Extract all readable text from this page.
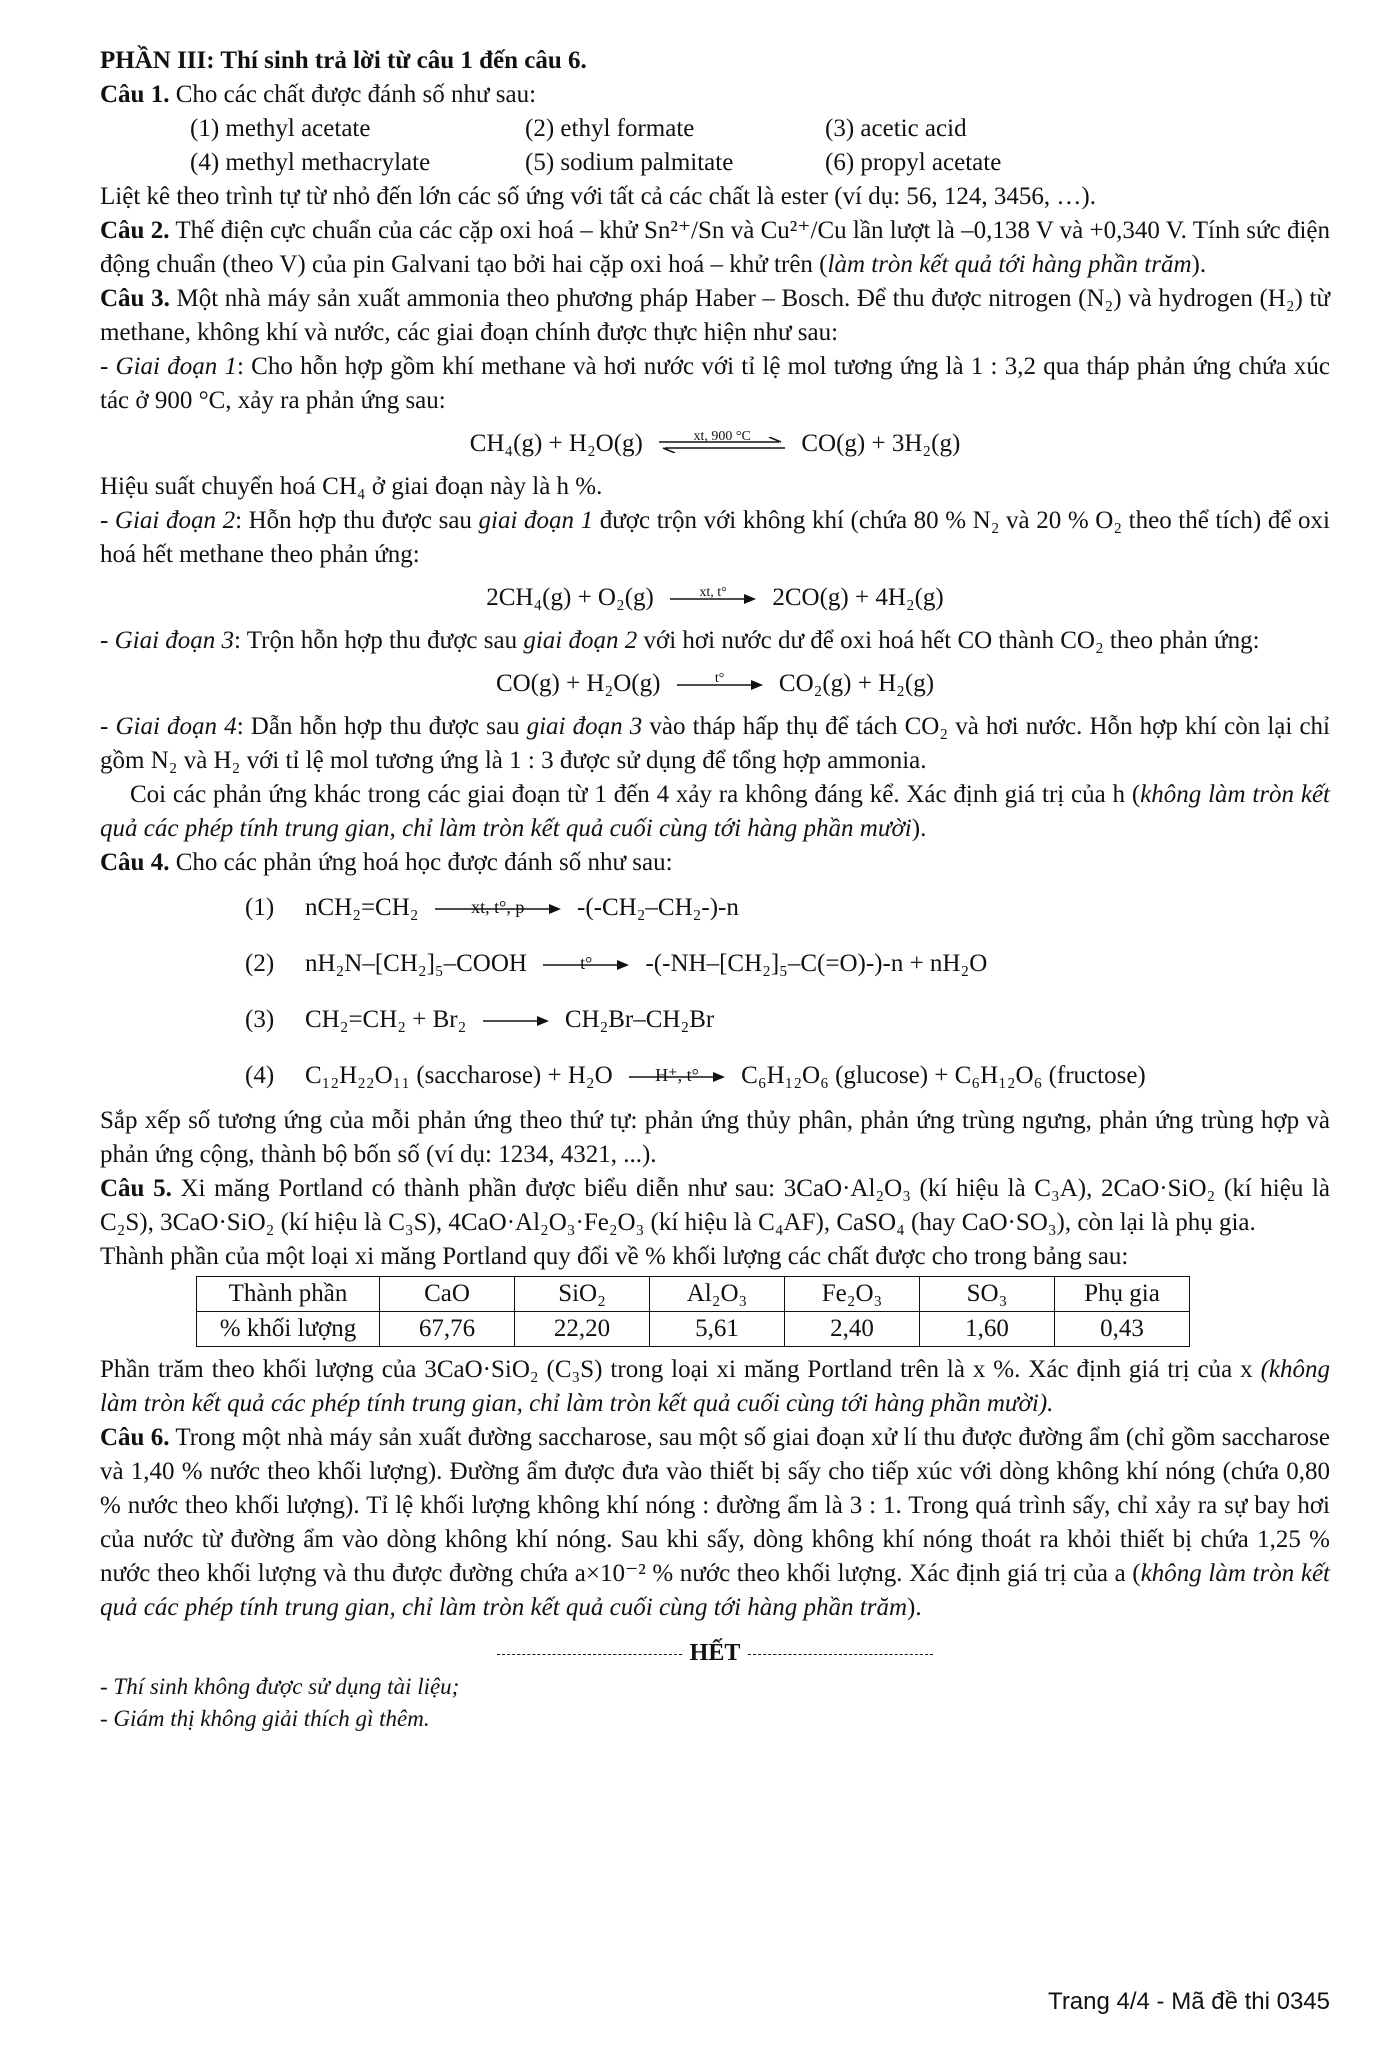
PHẦN III: Thí sinh trả lời từ câu 1 đến câu 6.
Câu 1. Cho các chất được đánh số như sau:
(1) methyl acetate	(2) ethyl formate	(3) acetic acid
(4) methyl methacrylate	(5) sodium palmitate	(6) propyl acetate
Liệt kê theo trình tự từ nhỏ đến lớn các số ứng với tất cả các chất là ester (ví dụ: 56, 124, 3456, …).
Câu 2. Thế điện cực chuẩn của các cặp oxi hoá – khử Sn²⁺/Sn và Cu²⁺/Cu lần lượt là –0,138 V và +0,340 V. Tính sức điện động chuẩn (theo V) của pin Galvani tạo bởi hai cặp oxi hoá – khử trên (làm tròn kết quả tới hàng phần trăm).
Câu 3. Một nhà máy sản xuất ammonia theo phương pháp Haber – Bosch. Để thu được nitrogen (N₂) và hydrogen (H₂) từ methane, không khí và nước, các giai đoạn chính được thực hiện như sau:
- Giai đoạn 1: Cho hỗn hợp gồm khí methane và hơi nước với tỉ lệ mol tương ứng là 1 : 3,2 qua tháp phản ứng chứa xúc tác ở 900 °C, xảy ra phản ứng sau:
CH₄(g) + H₂O(g)	xt, 900 °C	CO(g) + 3H₂(g)
Hiệu suất chuyển hoá CH₄ ở giai đoạn này là h %.
- Giai đoạn 2: Hỗn hợp thu được sau giai đoạn 1 được trộn với không khí (chứa 80 % N₂ và 20 % O₂ theo thể tích) để oxi hoá hết methane theo phản ứng:
2CH₄(g) + O₂(g)	xt, t°	2CO(g) + 4H₂(g)
- Giai đoạn 3: Trộn hỗn hợp thu được sau giai đoạn 2 với hơi nước dư để oxi hoá hết CO thành CO₂ theo phản ứng:
CO(g) + H₂O(g)	t°	CO₂(g) + H₂(g)
- Giai đoạn 4: Dẫn hỗn hợp thu được sau giai đoạn 3 vào tháp hấp thụ để tách CO₂ và hơi nước. Hỗn hợp khí còn lại chỉ gồm N₂ và H₂ với tỉ lệ mol tương ứng là 1 : 3 được sử dụng để tổng hợp ammonia.
Coi các phản ứng khác trong các giai đoạn từ 1 đến 4 xảy ra không đáng kể. Xác định giá trị của h (không làm tròn kết quả các phép tính trung gian, chỉ làm tròn kết quả cuối cùng tới hàng phần mười).
Câu 4. Cho các phản ứng hoá học được đánh số như sau:
(1)	nCH₂=CH₂	xt, t°, p	-(-CH₂–CH₂-)-n
(2)	nH₂N–[CH₂]₅–COOH	t°	-(-NH–[CH₂]₅–C(=O)-)-n + nH₂O
(3)	CH₂=CH₂ + Br₂	CH₂Br–CH₂Br
(4)	C₁₂H₂₂O₁₁ (saccharose) + H₂O	H⁺, t°	C₆H₁₂O₆ (glucose) + C₆H₁₂O₆ (fructose)
Sắp xếp số tương ứng của mỗi phản ứng theo thứ tự: phản ứng thủy phân, phản ứng trùng ngưng, phản ứng trùng hợp và phản ứng cộng, thành bộ bốn số (ví dụ: 1234, 4321, ...).
Câu 5. Xi măng Portland có thành phần được biểu diễn như sau: 3CaO·Al₂O₃ (kí hiệu là C₃A), 2CaO·SiO₂ (kí hiệu là C₂S), 3CaO·SiO₂ (kí hiệu là C₃S), 4CaO·Al₂O₃·Fe₂O₃ (kí hiệu là C₄AF), CaSO₄ (hay CaO·SO₃), còn lại là phụ gia.
Thành phần của một loại xi măng Portland quy đổi về % khối lượng các chất được cho trong bảng sau:
Thành phần	CaO	SiO₂	Al₂O₃	Fe₂O₃	SO₃	Phụ gia
% khối lượng	67,76	22,20	5,61	2,40	1,60	0,43
Phần trăm theo khối lượng của 3CaO·SiO₂ (C₃S) trong loại xi măng Portland trên là x %. Xác định giá trị của x (không làm tròn kết quả các phép tính trung gian, chỉ làm tròn kết quả cuối cùng tới hàng phần mười).
Câu 6. Trong một nhà máy sản xuất đường saccharose, sau một số giai đoạn xử lí thu được đường ẩm (chỉ gồm saccharose và 1,40 % nước theo khối lượng). Đường ẩm được đưa vào thiết bị sấy cho tiếp xúc với dòng không khí nóng (chứa 0,80 % nước theo khối lượng). Tỉ lệ khối lượng không khí nóng : đường ẩm là 3 : 1. Trong quá trình sấy, chỉ xảy ra sự bay hơi của nước từ đường ẩm vào dòng không khí nóng. Sau khi sấy, dòng không khí nóng thoát ra khỏi thiết bị chứa 1,25 % nước theo khối lượng và thu được đường chứa a×10⁻² % nước theo khối lượng. Xác định giá trị của a (không làm tròn kết quả các phép tính trung gian, chỉ làm tròn kết quả cuối cùng tới hàng phần trăm).
HẾT
- Thí sinh không được sử dụng tài liệu;
- Giám thị không giải thích gì thêm.
Trang 4/4 - Mã đề thi 0345
